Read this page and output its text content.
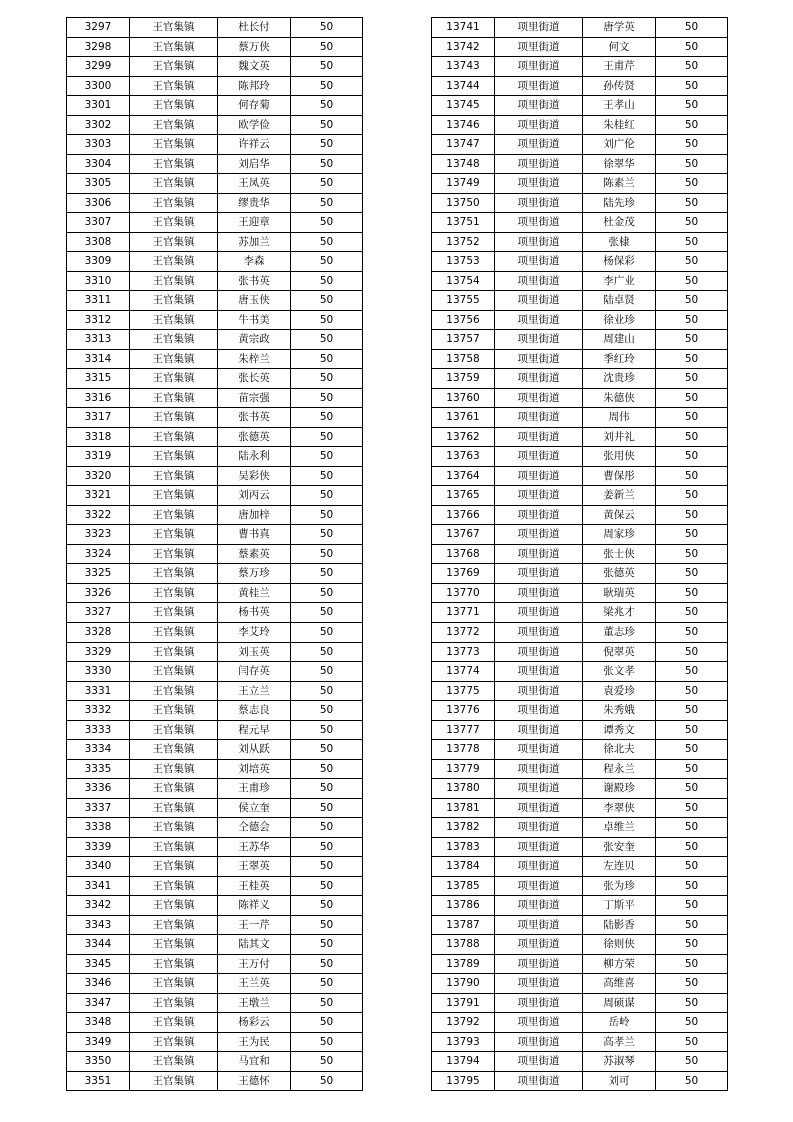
3297	王官集镇	杜长付	50
3298	王官集镇	蔡万侠	50
3299	王官集镇	魏文英	50
3300	王官集镇	陈邦玲	50
3301	王官集镇	何存菊	50
3302	王官集镇	欧学俭	50
3303	王官集镇	许祥云	50
3304	王官集镇	刘启华	50
3305	王官集镇	王凤英	50
3306	王官集镇	缪贵华	50
3307	王官集镇	王迎章	50
3308	王官集镇	苏加兰	50
3309	王官集镇	李森	50
3310	王官集镇	张书英	50
3311	王官集镇	唐玉侠	50
3312	王官集镇	牛书美	50
3313	王官集镇	黄宗政	50
3314	王官集镇	朱梓兰	50
3315	王官集镇	张长英	50
3316	王官集镇	苗宗强	50
3317	王官集镇	张书英	50
3318	王官集镇	张德英	50
3319	王官集镇	陆永利	50
3320	王官集镇	吴彩侠	50
3321	王官集镇	刘丙云	50
3322	王官集镇	唐加梓	50
3323	王官集镇	曹书真	50
3324	王官集镇	蔡素英	50
3325	王官集镇	蔡万珍	50
3326	王官集镇	黄桂兰	50
3327	王官集镇	杨书英	50
3328	王官集镇	李艾玲	50
3329	王官集镇	刘玉英	50
3330	王官集镇	闫存英	50
3331	王官集镇	王立兰	50
3332	王官集镇	蔡志良	50
3333	王官集镇	程元早	50
3334	王官集镇	刘从跃	50
3335	王官集镇	刘培英	50
3336	王官集镇	王甫珍	50
3337	王官集镇	侯立奎	50
3338	王官集镇	仝德会	50
3339	王官集镇	王苏华	50
3340	王官集镇	王翠英	50
3341	王官集镇	王桂英	50
3342	王官集镇	陈祥义	50
3343	王官集镇	王一芹	50
3344	王官集镇	陆其文	50
3345	王官集镇	王万付	50
3346	王官集镇	王兰英	50
3347	王官集镇	王墩兰	50
3348	王官集镇	杨彩云	50
3349	王官集镇	王为民	50
3350	王官集镇	马宜和	50
3351	王官集镇	王德怀	50
13741	项里街道	唐学英	50
13742	项里街道	何文	50
13743	项里街道	王甫芹	50
13744	项里街道	孙传贤	50
13745	项里街道	王孝山	50
13746	项里街道	朱桂红	50
13747	项里街道	刘广伦	50
13748	项里街道	徐翠华	50
13749	项里街道	陈素兰	50
13750	项里街道	陆先珍	50
13751	项里街道	杜金茂	50
13752	项里街道	张棣	50
13753	项里街道	杨保彩	50
13754	项里街道	李广业	50
13755	项里街道	陆卓贤	50
13756	项里街道	徐业珍	50
13757	项里街道	周建山	50
13758	项里街道	季红玲	50
13759	项里街道	沈贵珍	50
13760	项里街道	朱德侠	50
13761	项里街道	周伟	50
13762	项里街道	刘井礼	50
13763	项里街道	张用侠	50
13764	项里街道	曹保彤	50
13765	项里街道	姜新兰	50
13766	项里街道	黄保云	50
13767	项里街道	周家珍	50
13768	项里街道	张士侠	50
13769	项里街道	张德英	50
13770	项里街道	耿瑞英	50
13771	项里街道	梁兆才	50
13772	项里街道	董志珍	50
13773	项里街道	倪翠英	50
13774	项里街道	张文孝	50
13775	项里街道	袁爱珍	50
13776	项里街道	朱秀娥	50
13777	项里街道	谭秀文	50
13778	项里街道	徐北夫	50
13779	项里街道	程永兰	50
13780	项里街道	谢殿珍	50
13781	项里街道	李翠侠	50
13782	项里街道	卓维兰	50
13783	项里街道	张安奎	50
13784	项里街道	左连贝	50
13785	项里街道	张为珍	50
13786	项里街道	丁斯平	50
13787	项里街道	陆影香	50
13788	项里街道	徐则侠	50
13789	项里街道	柳方荣	50
13790	项里街道	高维喜	50
13791	项里街道	周硕谋	50
13792	项里街道	岳岭	50
13793	项里街道	高孝兰	50
13794	项里街道	苏淑琴	50
13795	项里街道	刘可	50
